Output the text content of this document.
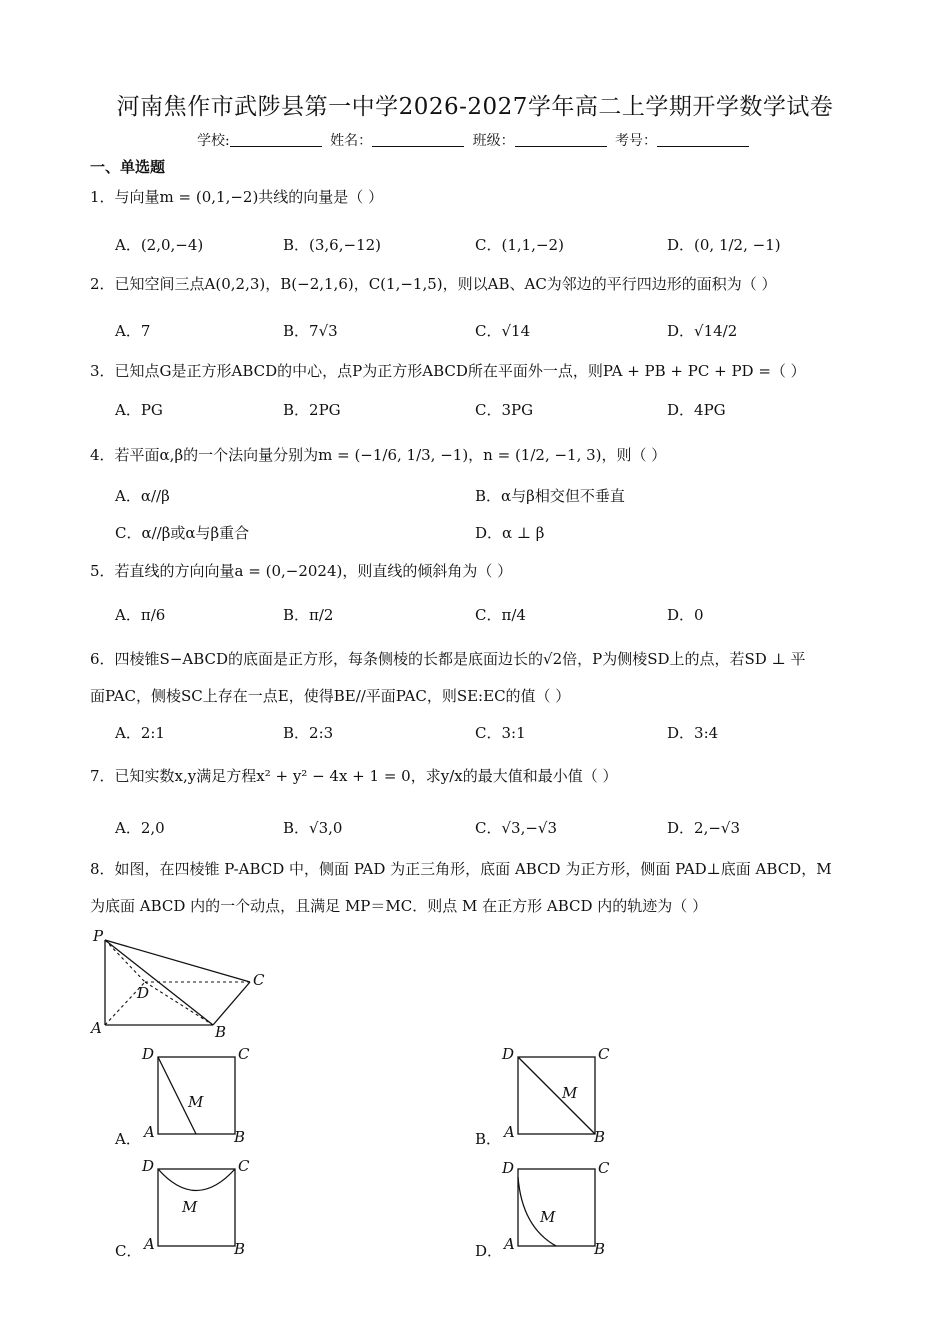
河南焦作市武陟县第一中学2026-2027学年高二上学期开学数学试卷
学校:	姓名：	班级：	考号：
一、单选题
1．与向量m = (0,1,−2)共线的向量是（ ）
A．(2,0,−4)	B．(3,6,−12)	C．(1,1,−2)	D．(0, 1/2, −1)
2．已知空间三点A(0,2,3)，B(−2,1,6)，C(1,−1,5)，则以AB、AC为邻边的平行四边形的面积为（ ）
A．7	B．7√3	C．√14	D．√14/2
3．已知点G是正方形ABCD的中心，点P为正方形ABCD所在平面外一点，则PA + PB + PC + PD =（ ）
A．PG	B．2PG	C．3PG	D．4PG
4．若平面α,β的一个法向量分别为m = (−1/6, 1/3, −1)，n = (1/2, −1, 3)，则（ ）
A．α//β	B．α与β相交但不垂直
C．α//β或α与β重合	D．α ⊥ β
5．若直线的方向向量a = (0,−2024)，则直线的倾斜角为（ ）
A．π/6	B．π/2	C．π/4	D．0
6．四棱锥S−ABCD的底面是正方形，每条侧棱的长都是底面边长的√2倍，P为侧棱SD上的点，若SD ⊥ 平
面PAC，侧棱SC上存在一点E，使得BE//平面PAC，则SE:EC的值（ ）
A．2:1	B．2:3	C．3:1	D．3:4
7．已知实数x,y满足方程x² + y² − 4x + 1 = 0，求y/x的最大值和最小值（ ）
A．2,0	B．√3,0	C．√3,−√3	D．2,−√3
8．如图，在四棱锥 P-ABCD 中，侧面 PAD 为正三角形，底面 ABCD 为正方形，侧面 PAD⊥底面 ABCD，M
为底面 ABCD 内的一个动点，且满足 MP＝MC．则点 M 在正方形 ABCD 内的轨迹为（ ）
P
D
C
A	B
A．
D	C
A	B
M
B．
D	C
A	B
M
C．
D	C
A	B
M
D．
D	C
A	B
M
